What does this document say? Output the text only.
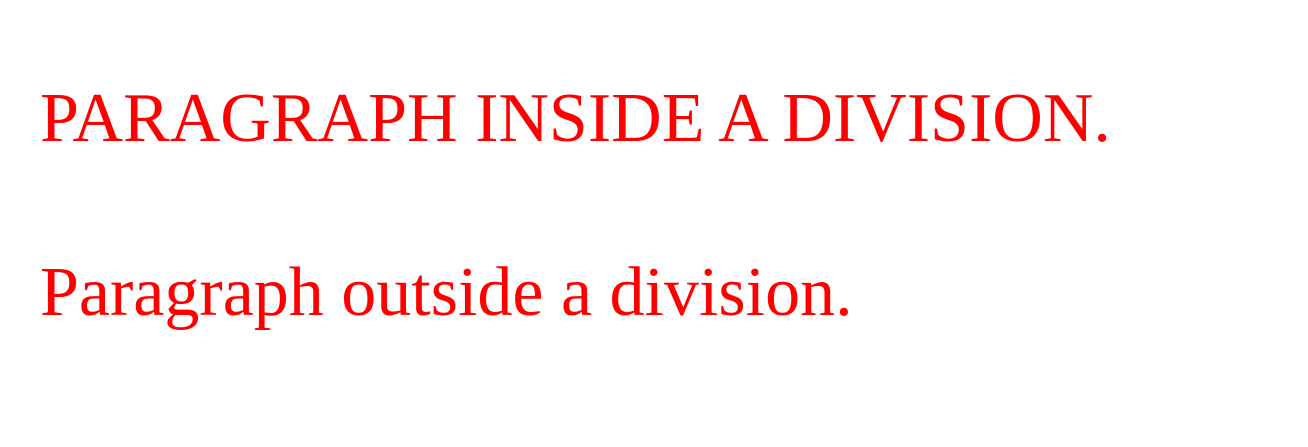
PARAGRAPH INSIDE A DIVISION.

Paragraph outside a division.
